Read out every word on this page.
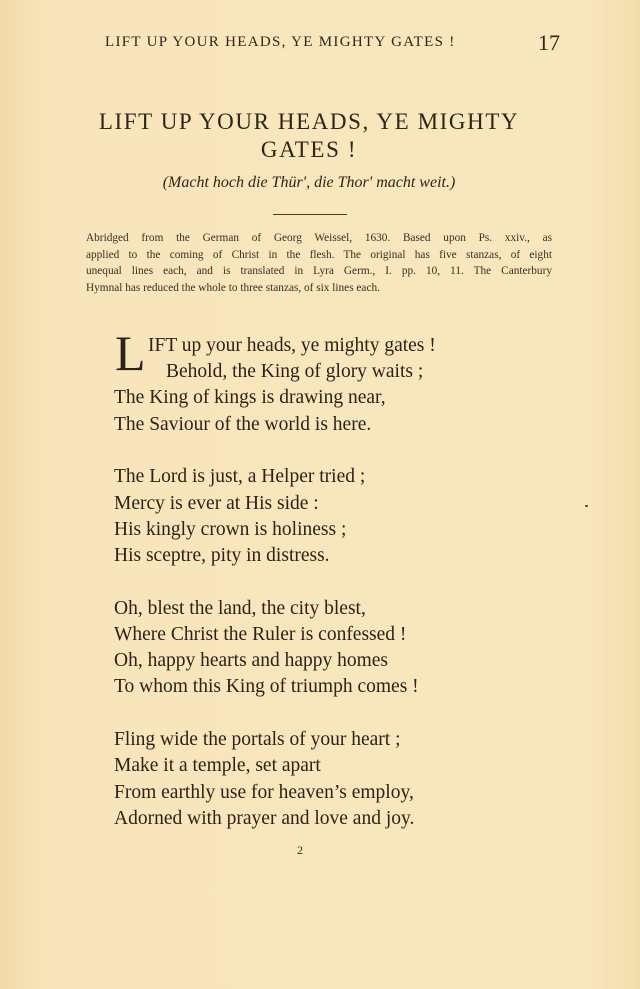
LIFT UP YOUR HEADS, YE MIGHTY GATES !	17
LIFT UP YOUR HEADS, YE MIGHTY
GATES !
(Macht hoch die Thür', die Thor' macht weit.)
Abridged from the German of Georg Weissel, 1630. Based upon Ps. xxiv., as
applied to the coming of Christ in the flesh. The original has five stanzas, of eight
unequal lines each, and is translated in Lyra Germ., I. pp. 10, 11. The Canterbury
Hymnal has reduced the whole to three stanzas, of six lines each.
L IFT up your heads, ye mighty gates !
Behold, the King of glory waits ;
The King of kings is drawing near,
The Saviour of the world is here.
The Lord is just, a Helper tried ;
Mercy is ever at His side :
His kingly crown is holiness ;
His sceptre, pity in distress.
Oh, blest the land, the city blest,
Where Christ the Ruler is confessed !
Oh, happy hearts and happy homes
To whom this King of triumph comes !
Fling wide the portals of your heart ;
Make it a temple, set apart
From earthly use for heaven’s employ,
Adorned with prayer and love and joy.
2
